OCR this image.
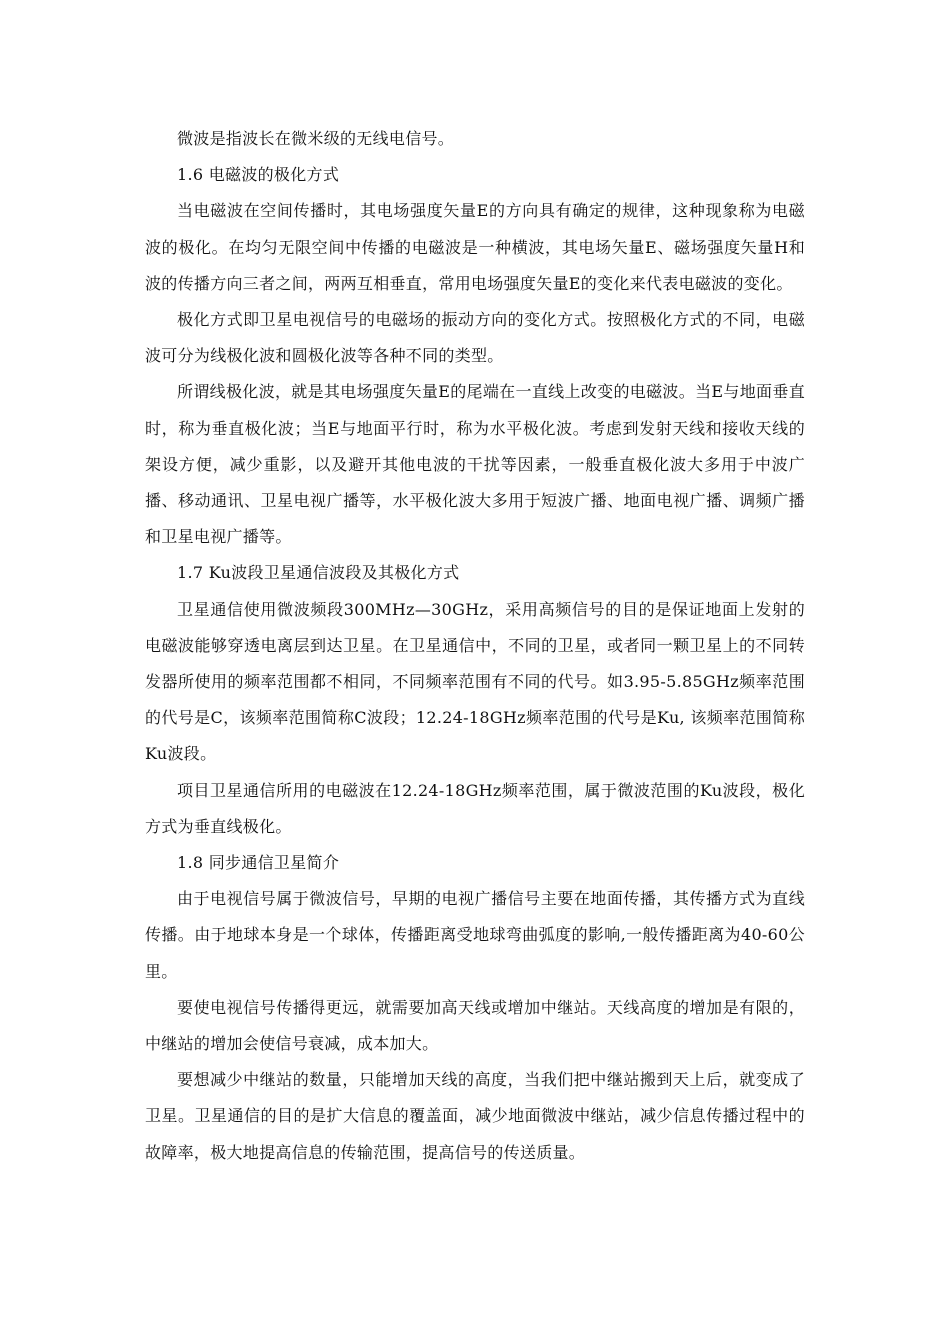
微波是指波长在微米级的无线电信号。

1.6 电磁波的极化方式

当电磁波在空间传播时，其电场强度矢量E的方向具有确定的规律，这种现象称为电磁波的极化。在均匀无限空间中传播的电磁波是一种横波，其电场矢量E、磁场强度矢量H和波的传播方向三者之间，两两互相垂直，常用电场强度矢量E的变化来代表电磁波的变化。

极化方式即卫星电视信号的电磁场的振动方向的变化方式。按照极化方式的不同，电磁波可分为线极化波和圆极化波等各种不同的类型。

所谓线极化波，就是其电场强度矢量E的尾端在一直线上改变的电磁波。当E与地面垂直时，称为垂直极化波；当E与地面平行时，称为水平极化波。考虑到发射天线和接收天线的架设方便，减少重影，以及避开其他电波的干扰等因素，一般垂直极化波大多用于中波广播、移动通讯、卫星电视广播等，水平极化波大多用于短波广播、地面电视广播、调频广播和卫星电视广播等。

1.7 Ku波段卫星通信波段及其极化方式

卫星通信使用微波频段300MHz—30GHz，采用高频信号的目的是保证地面上发射的电磁波能够穿透电离层到达卫星。在卫星通信中，不同的卫星，或者同一颗卫星上的不同转发器所使用的频率范围都不相同，不同频率范围有不同的代号。如3.95-5.85GHz频率范围的代号是C，该频率范围简称C波段；12.24-18GHz频率范围的代号是Ku, 该频率范围简称Ku波段。

项目卫星通信所用的电磁波在12.24-18GHz频率范围，属于微波范围的Ku波段，极化方式为垂直线极化。

1.8 同步通信卫星简介

由于电视信号属于微波信号，早期的电视广播信号主要在地面传播，其传播方式为直线传播。由于地球本身是一个球体，传播距离受地球弯曲弧度的影响,一般传播距离为40-60公里。

要使电视信号传播得更远，就需要加高天线或增加中继站。天线高度的增加是有限的，中继站的增加会使信号衰减，成本加大。

要想减少中继站的数量，只能增加天线的高度，当我们把中继站搬到天上后，就变成了卫星。卫星通信的目的是扩大信息的覆盖面，减少地面微波中继站，减少信息传播过程中的故障率，极大地提高信息的传输范围，提高信号的传送质量。
